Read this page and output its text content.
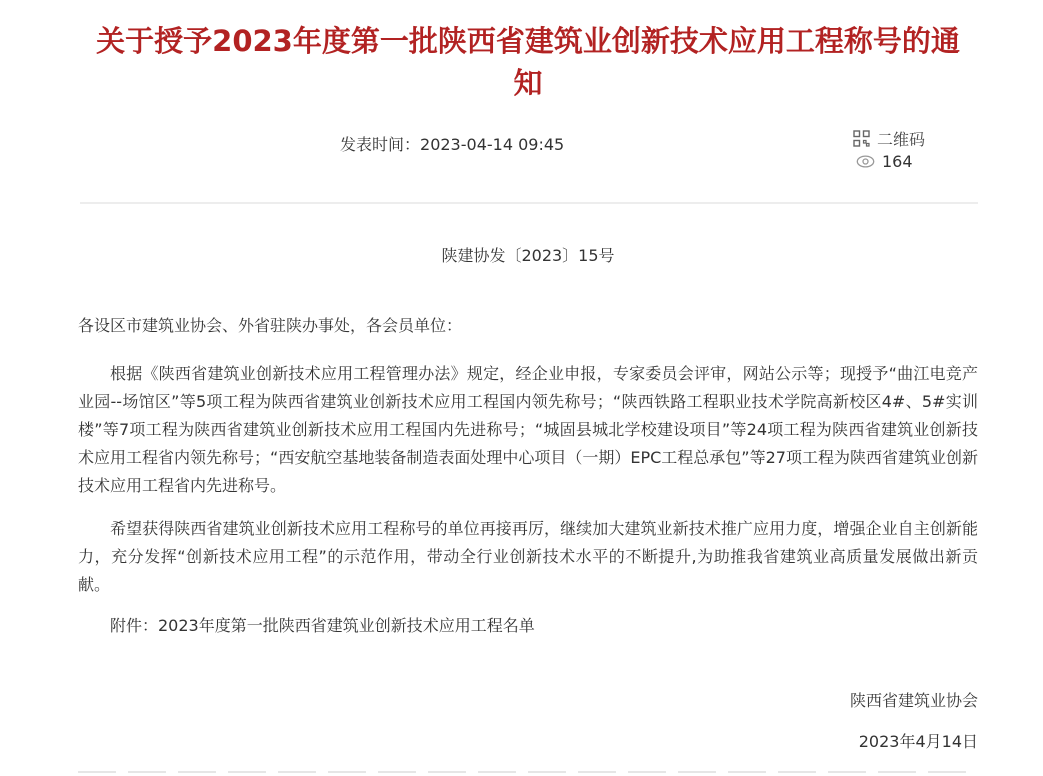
关于授予2023年度第一批陕西省建筑业创新技术应用工程称号的通知
发表时间：2023-04-14 09:45	二维码
164
陕建协发〔2023〕15号

各设区市建筑业协会、外省驻陕办事处，各会员单位：

根据《陕西省建筑业创新技术应用工程管理办法》规定，经企业申报，专家委员会评审，网站公示等；现授予“曲江电竞产业园--场馆区”等5项工程为陕西省建筑业创新技术应用工程国内领先称号；“陕西铁路工程职业技术学院高新校区4#、5#实训楼”等7项工程为陕西省建筑业创新技术应用工程国内先进称号；“城固县城北学校建设项目”等24项工程为陕西省建筑业创新技术应用工程省内领先称号；“西安航空基地装备制造表面处理中心项目（一期）EPC工程总承包”等27项工程为陕西省建筑业创新技术应用工程省内先进称号。

希望获得陕西省建筑业创新技术应用工程称号的单位再接再厉，继续加大建筑业新技术推广应用力度，增强企业自主创新能力，充分发挥“创新技术应用工程”的示范作用，带动全行业创新技术水平的不断提升,为助推我省建筑业高质量发展做出新贡献。

附件：2023年度第一批陕西省建筑业创新技术应用工程名单

陕西省建筑业协会

2023年4月14日
